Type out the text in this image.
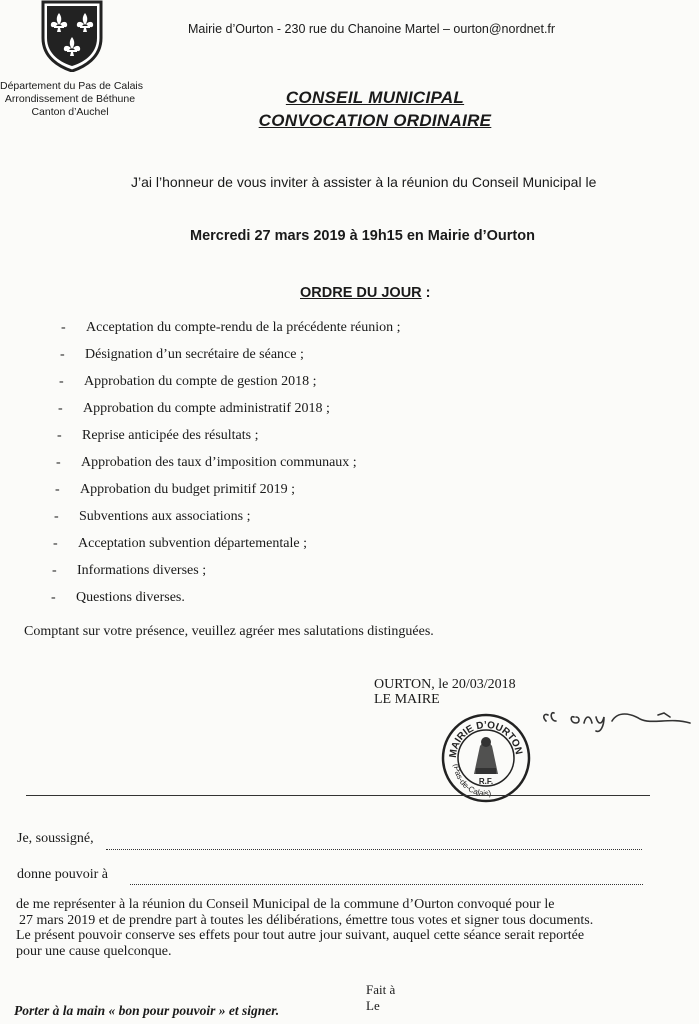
Département du Pas de Calais
Arrondissement de Béthune
Canton d’Auchel
Mairie d’Ourton - 230 rue du Chanoine Martel – ourton@nordnet.fr
CONSEIL MUNICIPAL
CONVOCATION ORDINAIRE
J’ai l’honneur de vous inviter à assister à la réunion du Conseil Municipal le
Mercredi 27 mars 2019 à 19h15 en Mairie d’Ourton
ORDRE DU JOUR :
- Acceptation du compte-rendu de la précédente réunion ;
- Désignation d’un secrétaire de séance ;
- Approbation du compte de gestion 2018 ;
- Approbation du compte administratif 2018 ;
- Reprise anticipée des résultats ;
- Approbation des taux d’imposition communaux ;
- Approbation du budget primitif 2019 ;
- Subventions aux associations ;
- Acceptation subvention départementale ;
- Informations diverses ;
- Questions diverses.
Comptant sur votre présence, veuillez agréer mes salutations distinguées.
OURTON, le 20/03/2018
LE MAIRE
MAIRIE D’OURTON
(Pas-de-Calais)
R.F.
Je, soussigné,
donne pouvoir à
de me représenter à la réunion du Conseil Municipal de la commune d’Ourton convoqué pour le
27 mars 2019 et de prendre part à toutes les délibérations, émettre tous votes et signer tous documents.
Le présent pouvoir conserve ses effets pour tout autre jour suivant, auquel cette séance serait reportée
pour une cause quelconque.
Fait à
Le
Porter à la main « bon pour pouvoir » et signer.
